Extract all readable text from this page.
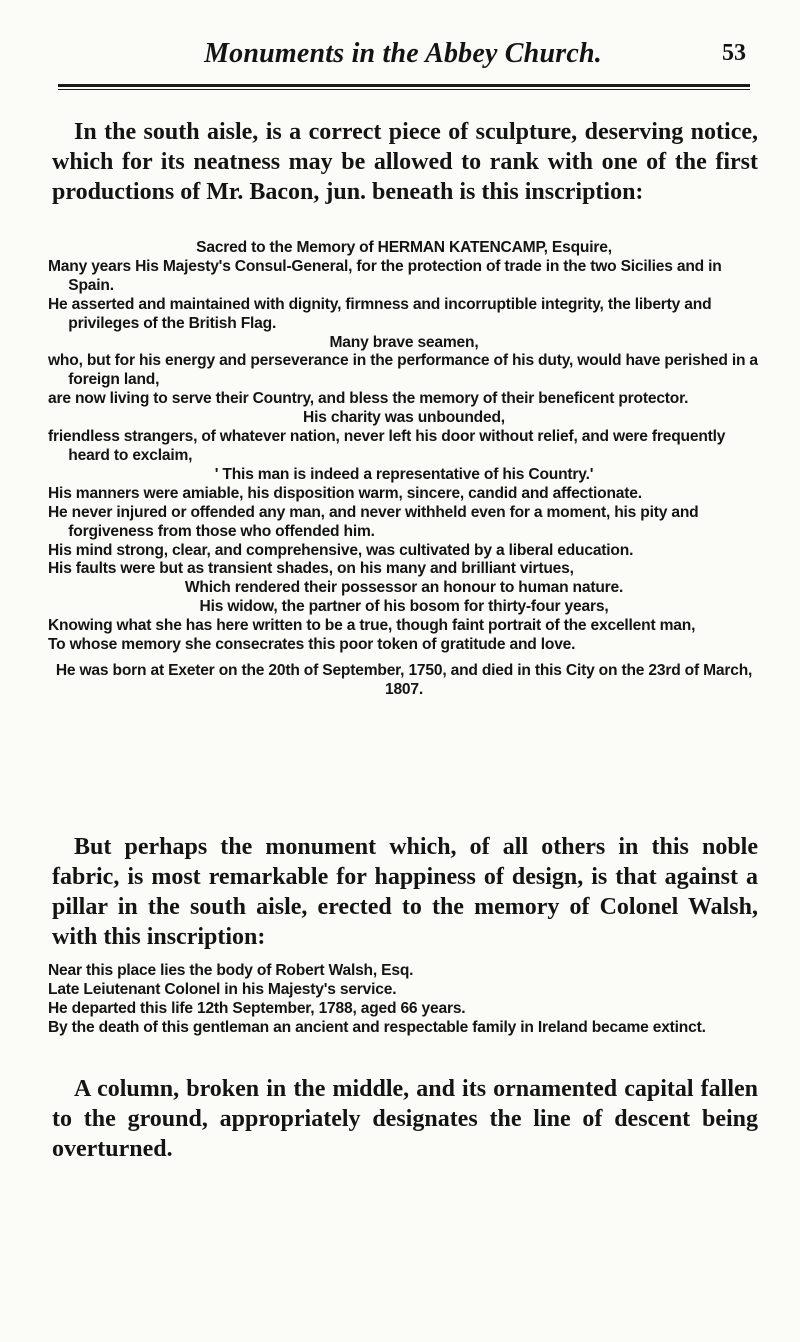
Monuments in the Abbey Church.	53
In the south aisle, is a correct piece of sculpture, deserving notice, which for its neatness may be allowed to rank with one of the first productions of Mr. Bacon, jun. beneath is this inscription:
Sacred to the Memory of HERMAN KATENCAMP, Esquire,
Many years His Majesty's Consul-General, for the protection of trade in the two Sicilies and in Spain.
He asserted and maintained with dignity, firmness and incorruptible integrity, the liberty and privileges of the British Flag.
Many brave seamen,
who, but for his energy and perseverance in the performance of his duty, would have perished in a foreign land,
are now living to serve their Country, and bless the memory of their beneficent protector.
His charity was unbounded,
friendless strangers, of whatever nation, never left his door without relief, and were frequently heard to exclaim,
' This man is indeed a representative of his Country.'
His manners were amiable, his disposition warm, sincere, candid and affectionate.
He never injured or offended any man, and never withheld even for a moment, his pity and forgiveness from those who offended him.
His mind strong, clear, and comprehensive, was cultivated by a liberal education.
His faults were but as transient shades, on his many and brilliant virtues,
Which rendered their possessor an honour to human nature.
His widow, the partner of his bosom for thirty-four years,
Knowing what she has here written to be a true, though faint portrait of the excellent man,
To whose memory she consecrates this poor token of gratitude and love.
He was born at Exeter on the 20th of September, 1750, and died in this City on the 23rd of March, 1807.
But perhaps the monument which, of all others in this noble fabric, is most remarkable for happiness of design, is that against a pillar in the south aisle, erected to the memory of Colonel Walsh, with this inscription:
Near this place lies the body of Robert Walsh, Esq.
Late Leiutenant Colonel in his Majesty's service.
He departed this life 12th September, 1788, aged 66 years.
By the death of this gentleman an ancient and respectable family in Ireland became extinct.
A column, broken in the middle, and its ornamented capital fallen to the ground, appropriately designates the line of descent being overturned.
